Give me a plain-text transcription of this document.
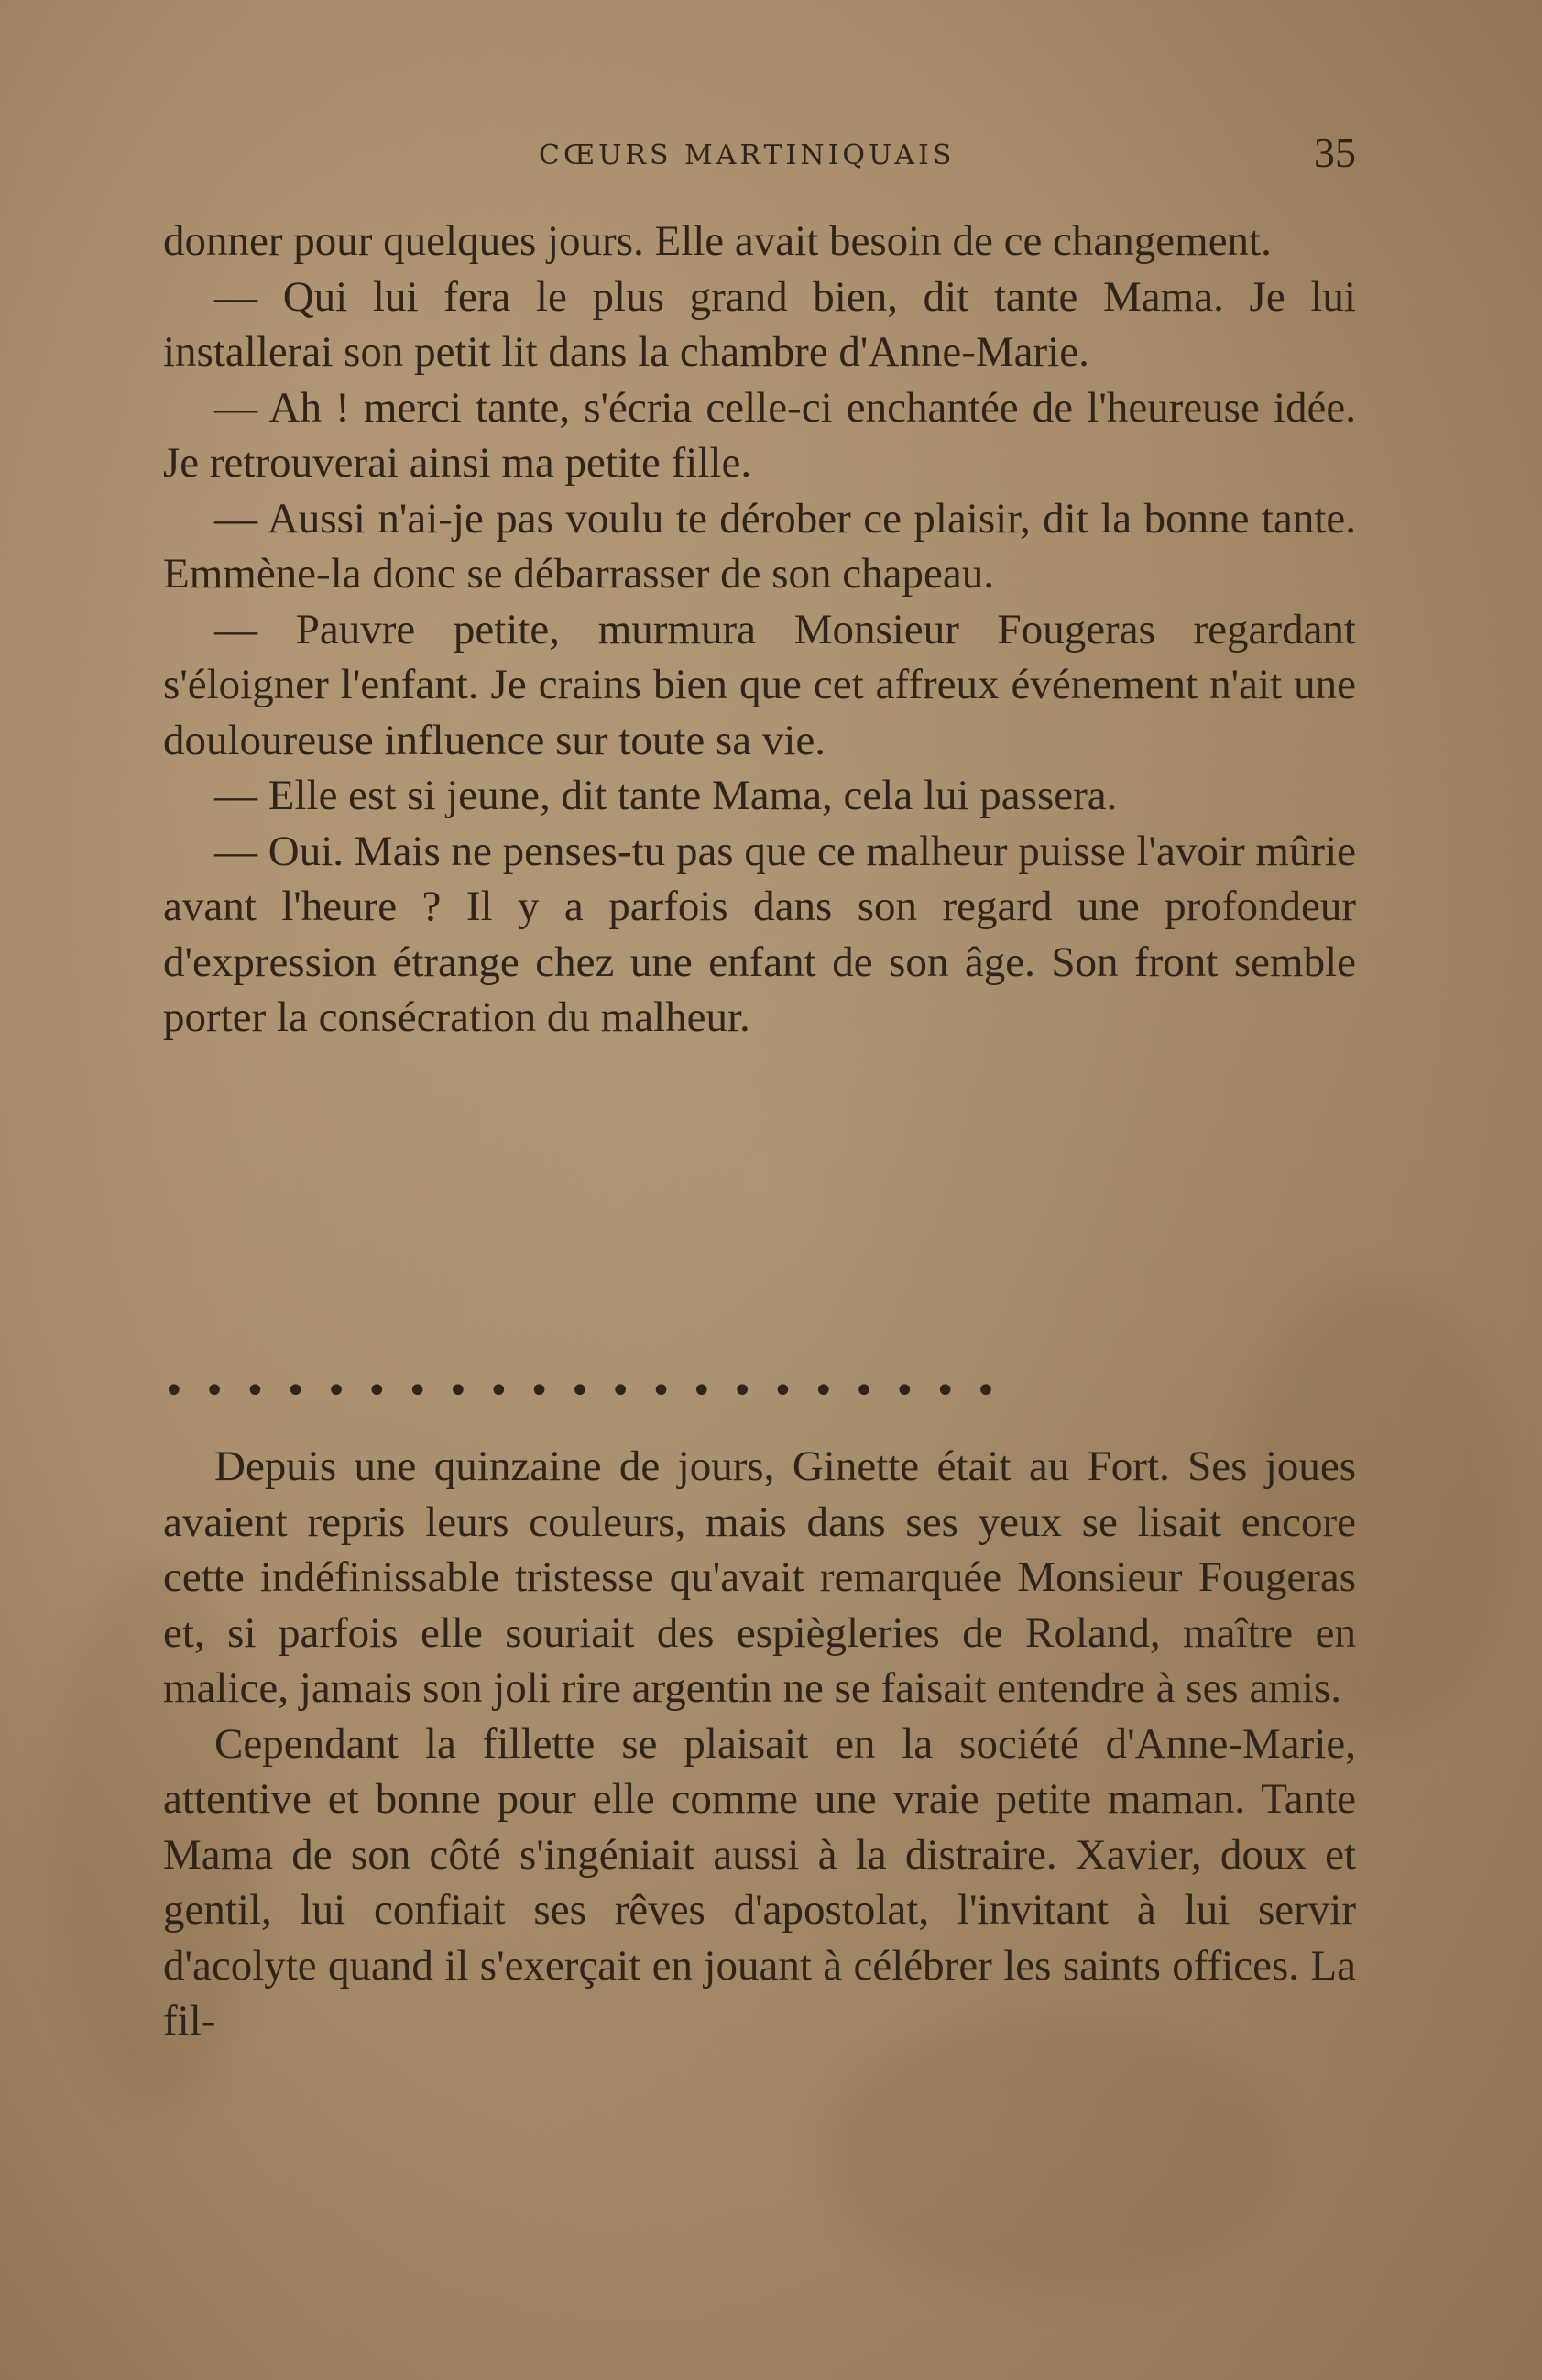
CŒURS MARTINIQUAIS	35

donner pour quelques jours. Elle avait besoin de ce changement.

— Qui lui fera le plus grand bien, dit tante Mama. Je lui installerai son petit lit dans la chambre d'Anne-Marie.

— Ah ! merci tante, s'écria celle-ci enchantée de l'heureuse idée. Je retrouverai ainsi ma petite fille.

— Aussi n'ai-je pas voulu te dérober ce plaisir, dit la bonne tante. Emmène-la donc se débarrasser de son chapeau.

— Pauvre petite, murmura Monsieur Fougeras regardant s'éloigner l'enfant. Je crains bien que cet affreux événement n'ait une douloureuse influence sur toute sa vie.

— Elle est si jeune, dit tante Mama, cela lui passera.

— Oui. Mais ne penses-tu pas que ce malheur puisse l'avoir mûrie avant l'heure ? Il y a parfois dans son regard une profondeur d'expression étrange chez une enfant de son âge. Son front semble porter la consécration du malheur.

• • • • • • • • • • • • • • • • • • • • •

Depuis une quinzaine de jours, Ginette était au Fort. Ses joues avaient repris leurs couleurs, mais dans ses yeux se lisait encore cette indéfinissable tristesse qu'avait remarquée Monsieur Fougeras et, si parfois elle souriait des espiègleries de Roland, maître en malice, jamais son joli rire argentin ne se faisait entendre à ses amis.

Cependant la fillette se plaisait en la société d'Anne-Marie, attentive et bonne pour elle comme une vraie petite maman. Tante Mama de son côté s'ingéniait aussi à la distraire. Xavier, doux et gentil, lui confiait ses rêves d'apostolat, l'invitant à lui servir d'acolyte quand il s'exerçait en jouant à célébrer les saints offices. La fil-
